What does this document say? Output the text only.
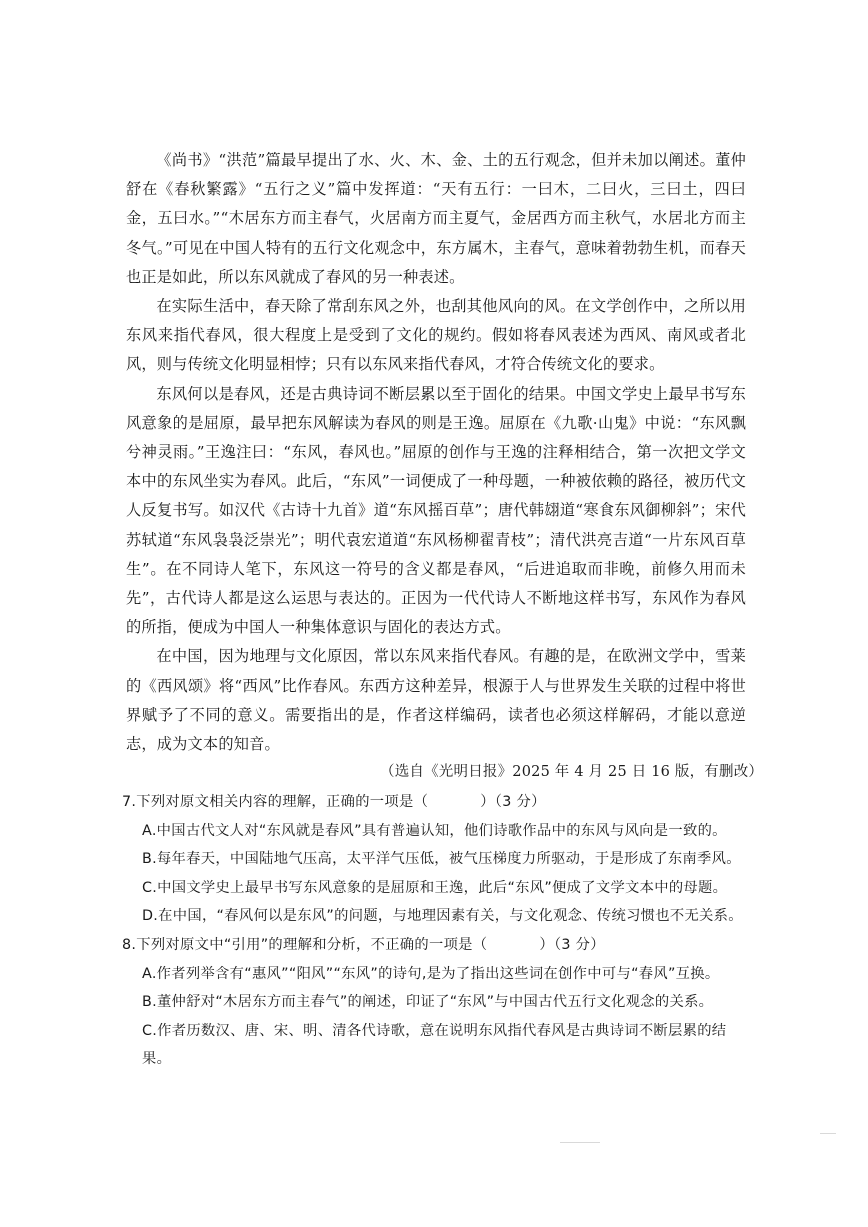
《尚书》“洪范”篇最早提出了水、火、木、金、土的五行观念，但并未加以阐述。董仲舒在《春秋繁露》“五行之义”篇中发挥道：“天有五行：一曰木，二曰火，三曰土，四曰金，五曰水。”“木居东方而主春气，火居南方而主夏气，金居西方而主秋气，水居北方而主冬气。”可见在中国人特有的五行文化观念中，东方属木，主春气，意味着勃勃生机，而春天也正是如此，所以东风就成了春风的另一种表述。

在实际生活中，春天除了常刮东风之外，也刮其他风向的风。在文学创作中，之所以用东风来指代春风，很大程度上是受到了文化的规约。假如将春风表述为西风、南风或者北风，则与传统文化明显相悖；只有以东风来指代春风，才符合传统文化的要求。

东风何以是春风，还是古典诗词不断层累以至于固化的结果。中国文学史上最早书写东风意象的是屈原，最早把东风解读为春风的则是王逸。屈原在《九歌·山鬼》中说：“东风飘兮神灵雨。”王逸注曰：“东风，春风也。”屈原的创作与王逸的注释相结合，第一次把文学文本中的东风坐实为春风。此后，“东风”一词便成了一种母题，一种被依赖的路径，被历代文人反复书写。如汉代《古诗十九首》道“东风摇百草”；唐代韩翃道“寒食东风御柳斜”；宋代苏轼道“东风袅袅泛崇光”；明代袁宏道道“东风杨柳翟青枝”；清代洪亮吉道“一片东风百草生”。在不同诗人笔下，东风这一符号的含义都是春风，“后进追取而非晚，前修久用而未先”，古代诗人都是这么运思与表达的。正因为一代代诗人不断地这样书写，东风作为春风的所指，便成为中国人一种集体意识与固化的表达方式。

在中国，因为地理与文化原因，常以东风来指代春风。有趣的是，在欧洲文学中，雪莱的《西风颂》将“西风”比作春风。东西方这种差异，根源于人与世界发生关联的过程中将世界赋予了不同的意义。需要指出的是，作者这样编码，读者也必须这样解码，才能以意逆志，成为文本的知音。

（选自《光明日报》2025 年 4 月 25 日 16 版，有删改）

7.下列对原文相关内容的理解，正确的一项是（	）（3 分）

A.中国古代文人对“东风就是春风”具有普遍认知，他们诗歌作品中的东风与风向是一致的。

B.每年春天，中国陆地气压高，太平洋气压低，被气压梯度力所驱动，于是形成了东南季风。

C.中国文学史上最早书写东风意象的是屈原和王逸，此后“东风”便成了文学文本中的母题。

D.在中国，“春风何以是东风”的问题，与地理因素有关，与文化观念、传统习惯也不无关系。

8.下列对原文中“引用”的理解和分析，不正确的一项是（	）（3 分）

A.作者列举含有“惠风”“阳风”“东风”的诗句,是为了指出这些词在创作中可与“春风”互换。

B.董仲舒对“木居东方而主春气”的阐述，印证了“东风”与中国古代五行文化观念的关系。

C.作者历数汉、唐、宋、明、清各代诗歌，意在说明东风指代春风是古典诗词不断层累的结果。
